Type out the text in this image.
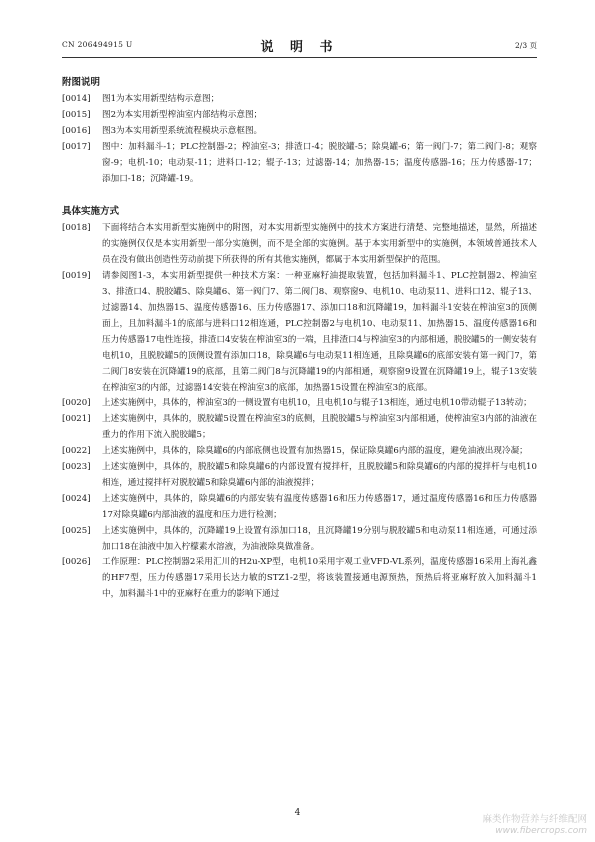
CN 206494915 U	说 明 书	2/3 页
附图说明
[0014]	图1为本实用新型结构示意图；
[0015]	图2为本实用新型榨油室内部结构示意图；
[0016]	图3为本实用新型系统流程模块示意框图。
[0017]	图中：加料漏斗-1；PLC控制器-2；榨油室-3；排渣口-4；脱胶罐-5；除臭罐-6；第一阀门-7；第二阀门-8；观察窗-9；电机-10；电动泵-11；进料口-12；辊子-13；过滤器-14；加热器-15；温度传感器-16；压力传感器-17；添加口-18；沉降罐-19。
具体实施方式
[0018]	下面将结合本实用新型实施例中的附图，对本实用新型实施例中的技术方案进行清楚、完整地描述，显然，所描述的实施例仅仅是本实用新型一部分实施例，而不是全部的实施例。基于本实用新型中的实施例，本领域普通技术人员在没有做出创造性劳动前提下所获得的所有其他实施例，都属于本实用新型保护的范围。
[0019]	请参阅图1-3，本实用新型提供一种技术方案：一种亚麻籽油提取装置，包括加料漏斗1、PLC控制器2、榨油室3、排渣口4、脱胶罐5、除臭罐6、第一阀门7、第二阀门8、观察窗9、电机10、电动泵11、进料口12、辊子13、过滤器14、加热器15、温度传感器16、压力传感器17、添加口18和沉降罐19，加料漏斗1安装在榨油室3的顶侧面上，且加料漏斗1的底部与进料口12相连通，PLC控制器2与电机10、电动泵11、加热器15、温度传感器16和压力传感器17电性连接，排渣口4安装在榨油室3的一端，且排渣口4与榨油室3的内部相通，脱胶罐5的一侧安装有电机10，且脱胶罐5的顶侧设置有添加口18，除臭罐6与电动泵11相连通，且除臭罐6的底部安装有第一阀门7，第二阀门8安装在沉降罐19的底部，且第二阀门8与沉降罐19的内部相通，观察窗9设置在沉降罐19上，辊子13安装在榨油室3的内部，过滤器14安装在榨油室3的底部，加热器15设置在榨油室3的底部。
[0020]	上述实施例中，具体的，榨油室3的一侧设置有电机10，且电机10与辊子13相连，通过电机10带动辊子13转动；
[0021]	上述实施例中，具体的，脱胶罐5设置在榨油室3的底侧，且脱胶罐5与榨油室3内部相通，使榨油室3内部的油液在重力的作用下流入脱胶罐5；
[0022]	上述实施例中，具体的，除臭罐6的内部底侧也设置有加热器15，保证除臭罐6内部的温度，避免油液出现冷凝；
[0023]	上述实施例中，具体的，脱胶罐5和除臭罐6的内部设置有搅拌杆，且脱胶罐5和除臭罐6的内部的搅拌杆与电机10相连，通过搅拌杆对脱胶罐5和除臭罐6内部的油液搅拌；
[0024]	上述实施例中，具体的，除臭罐6的内部安装有温度传感器16和压力传感器17，通过温度传感器16和压力传感器17对除臭罐6内部油液的温度和压力进行检测；
[0025]	上述实施例中，具体的，沉降罐19上设置有添加口18，且沉降罐19分别与脱胶罐5和电动泵11相连通，可通过添加口18在油液中加入柠檬素水溶液，为油液除臭做准备。
[0026]	工作原理：PLC控制器2采用汇川的H2u-XP型，电机10采用宇观工业VFD-VL系列，温度传感器16采用上海礼鑫的HF7型，压力传感器17采用长达力敏的STZ1-2型，将该装置接通电源预热，预热后将亚麻籽放入加料漏斗1中，加料漏斗1中的亚麻籽在重力的影响下通过
4
麻类作物营养与纤维配网
www.fibercrops.com
